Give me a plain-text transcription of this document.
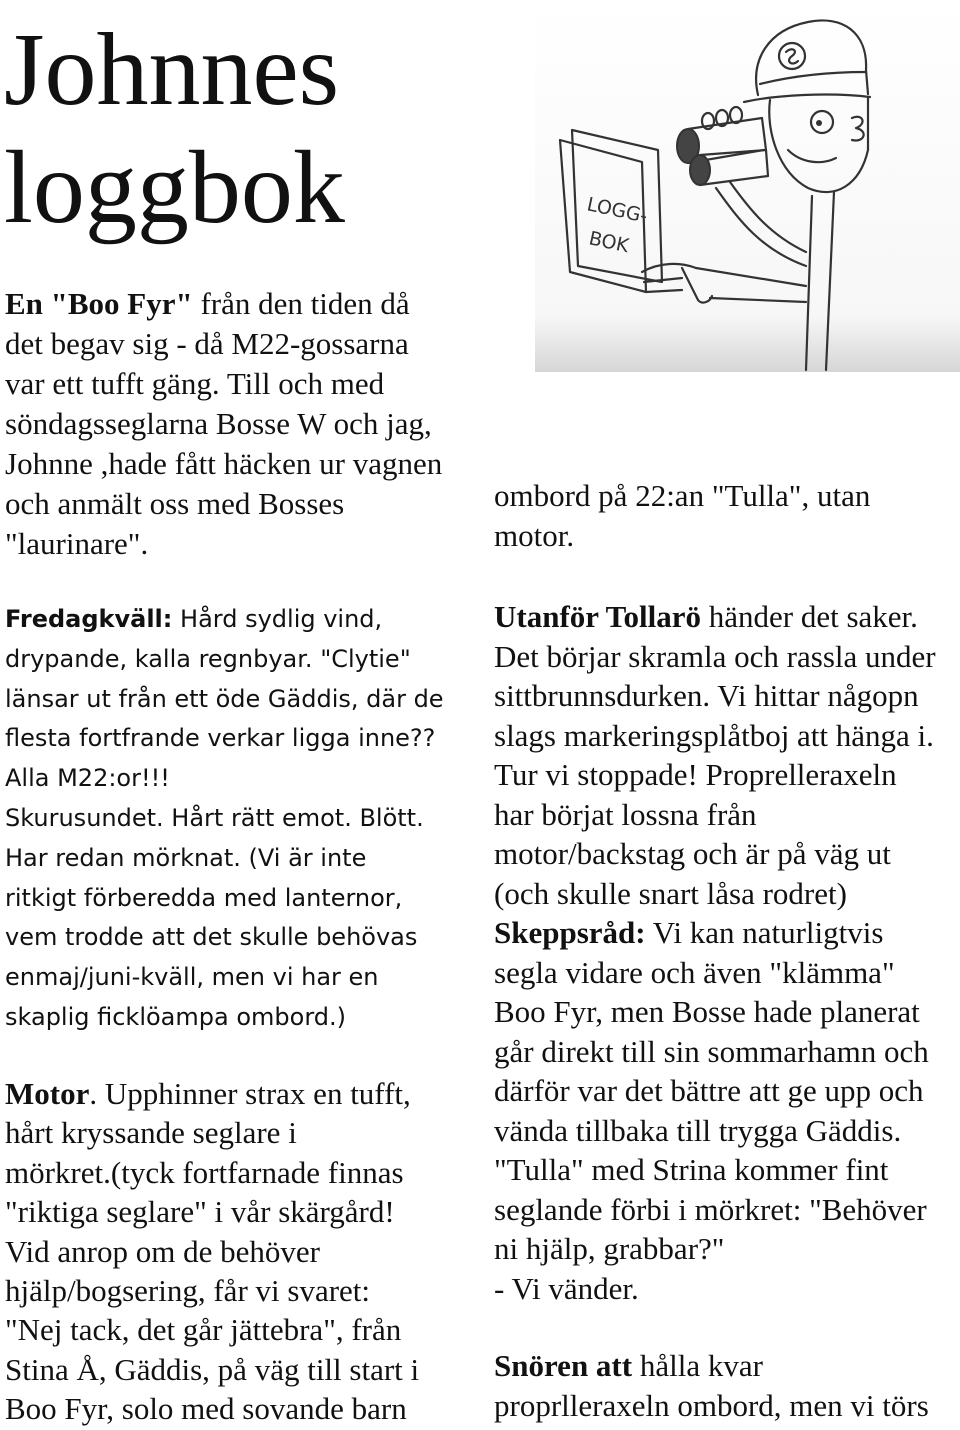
Johnnes
loggbok
En "Boo Fyr" från den tiden då
det begav sig - då M22-gossarna
var ett tufft gäng. Till och med
söndagsseglarna Bosse W och jag,
Johnne ,hade fått häcken ur vagnen
och anmält oss med Bosses
"laurinare".
Fredagkväll: Hård sydlig vind,
drypande, kalla regnbyar. "Clytie"
länsar ut från ett öde Gäddis, där de
flesta fortfrande verkar ligga inne??
Alla M22:or!!!
Skurusundet. Hårt rätt emot. Blött.
Har redan mörknat. (Vi är inte
ritkigt förberedda med lanternor,
vem trodde att det skulle behövas
enmaj/juni-kväll, men vi har en
skaplig ficklöampa ombord.)
Motor. Upphinner strax en tufft,
hårt kryssande seglare i
mörkret.(tyck fortfarnade finnas
"riktiga seglare" i vår skärgård!
Vid anrop om de behöver
hjälp/bogsering, får vi svaret:
"Nej tack, det går jättebra", från
Stina Å, Gäddis, på väg till start i
Boo Fyr, solo med sovande barn
ombord på 22:an "Tulla", utan
motor.
Utanför Tollarö händer det saker.
Det börjar skramla och rassla under
sittbrunnsdurken. Vi hittar någopn
slags markeringsplåtboj att hänga i.
Tur vi stoppade! Proprelleraxeln
har börjat lossna från
motor/backstag och är på väg ut
(och skulle snart låsa rodret)
Skeppsråd: Vi kan naturligtvis
segla vidare och även "klämma"
Boo Fyr, men Bosse hade planerat
går direkt till sin sommarhamn och
därför var det bättre att ge upp och
vända tillbaka till trygga Gäddis.
"Tulla" med Strina kommer fint
seglande förbi i mörkret: "Behöver
ni hjälp, grabbar?"
- Vi vänder.
Snören att hålla kvar
proprlleraxeln ombord, men vi törs
LOGG-
BOK
